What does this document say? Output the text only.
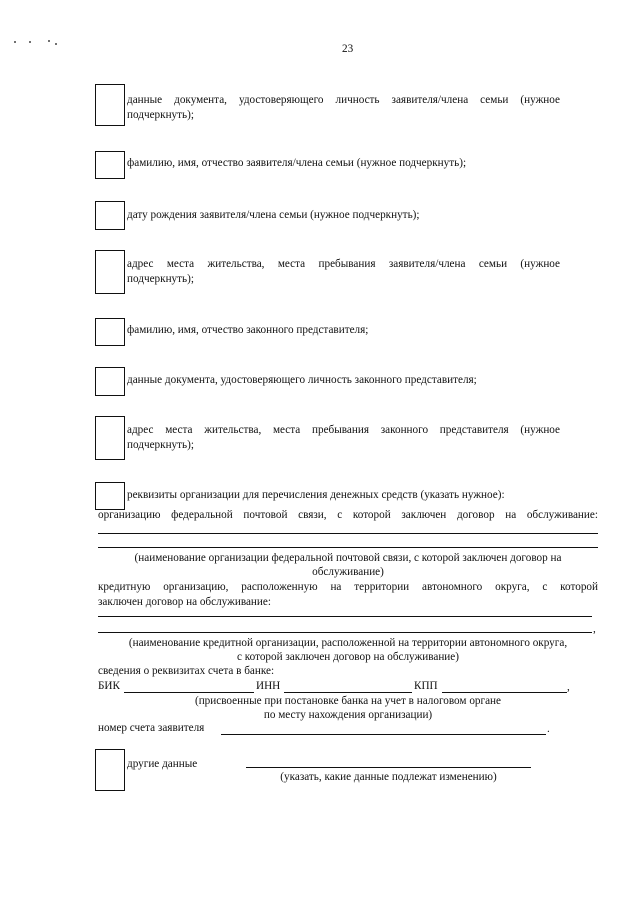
23
данные документа, удостоверяющего личность заявителя/члена семьи (нужное
подчеркнуть);
фамилию, имя, отчество заявителя/члена семьи (нужное подчеркнуть);
дату рождения заявителя/члена семьи (нужное подчеркнуть);
адрес места жительства, места пребывания заявителя/члена семьи (нужное
подчеркнуть);
фамилию, имя, отчество законного представителя;
данные документа, удостоверяющего личность законного представителя;
адрес места жительства, места пребывания законного представителя (нужное
подчеркнуть);
реквизиты организации для перечисления денежных средств (указать нужное):
организацию федеральной почтовой связи, с которой заключен договор на обслуживание:
(наименование организации федеральной почтовой связи, с которой заключен договор на
обслуживание)
кредитную организацию, расположенную на территории автономного округа, с которой
заключен договор на обслуживание:
,
(наименование кредитной организации, расположенной на территории автономного округа,
с которой заключен договор на обслуживание)
сведения о реквизитах счета в банке:
БИК	ИНН	КПП	,
(присвоенные при постановке банка на учет в налоговом органе
по месту нахождения организации)
номер счета заявителя	.
другие данные
(указать, какие данные подлежат изменению)
